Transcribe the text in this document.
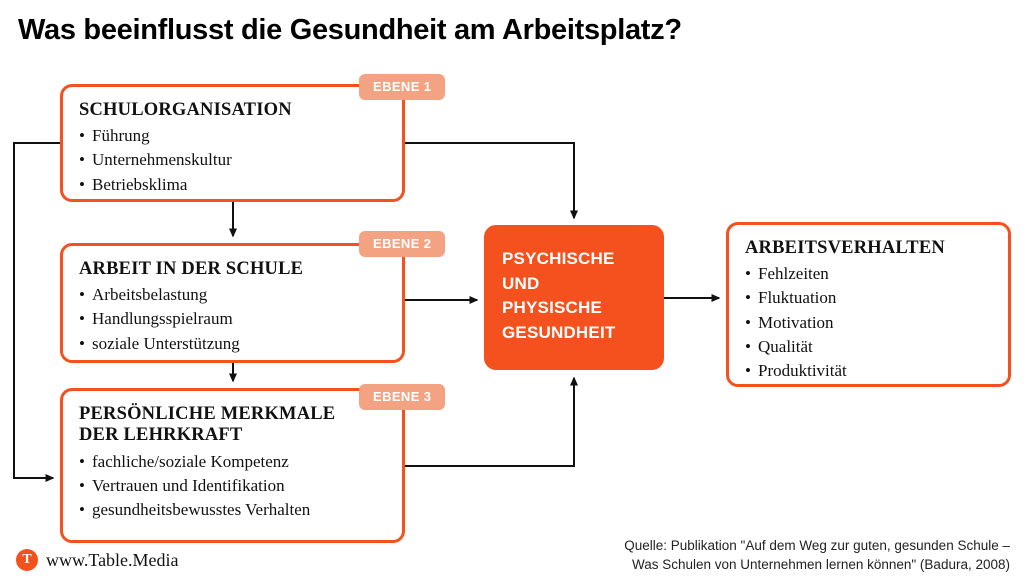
Was beeinflusst die Gesundheit am Arbeitsplatz?
EBENE 1
EBENE 2
EBENE 3
SCHULORGANISATION
• Führung
• Unternehmenskultur
• Betriebsklima
ARBEIT IN DER SCHULE
• Arbeitsbelastung
• Handlungsspielraum
• soziale Unterstützung
PERSÖNLICHE MERKMALE
DER LEHRKRAFT
• fachliche/soziale Kompetenz
• Vertrauen und Identifikation
• gesundheitsbewusstes Verhalten
PSYCHISCHE
UND
PHYSISCHE
GESUNDHEIT
ARBEITSVERHALTEN
• Fehlzeiten
• Fluktuation
• Motivation
• Qualität
• Produktivität
T www.Table.Media
Quelle: Publikation "Auf dem Weg zur guten, gesunden Schule –
Was Schulen von Unternehmen lernen können" (Badura, 2008)
